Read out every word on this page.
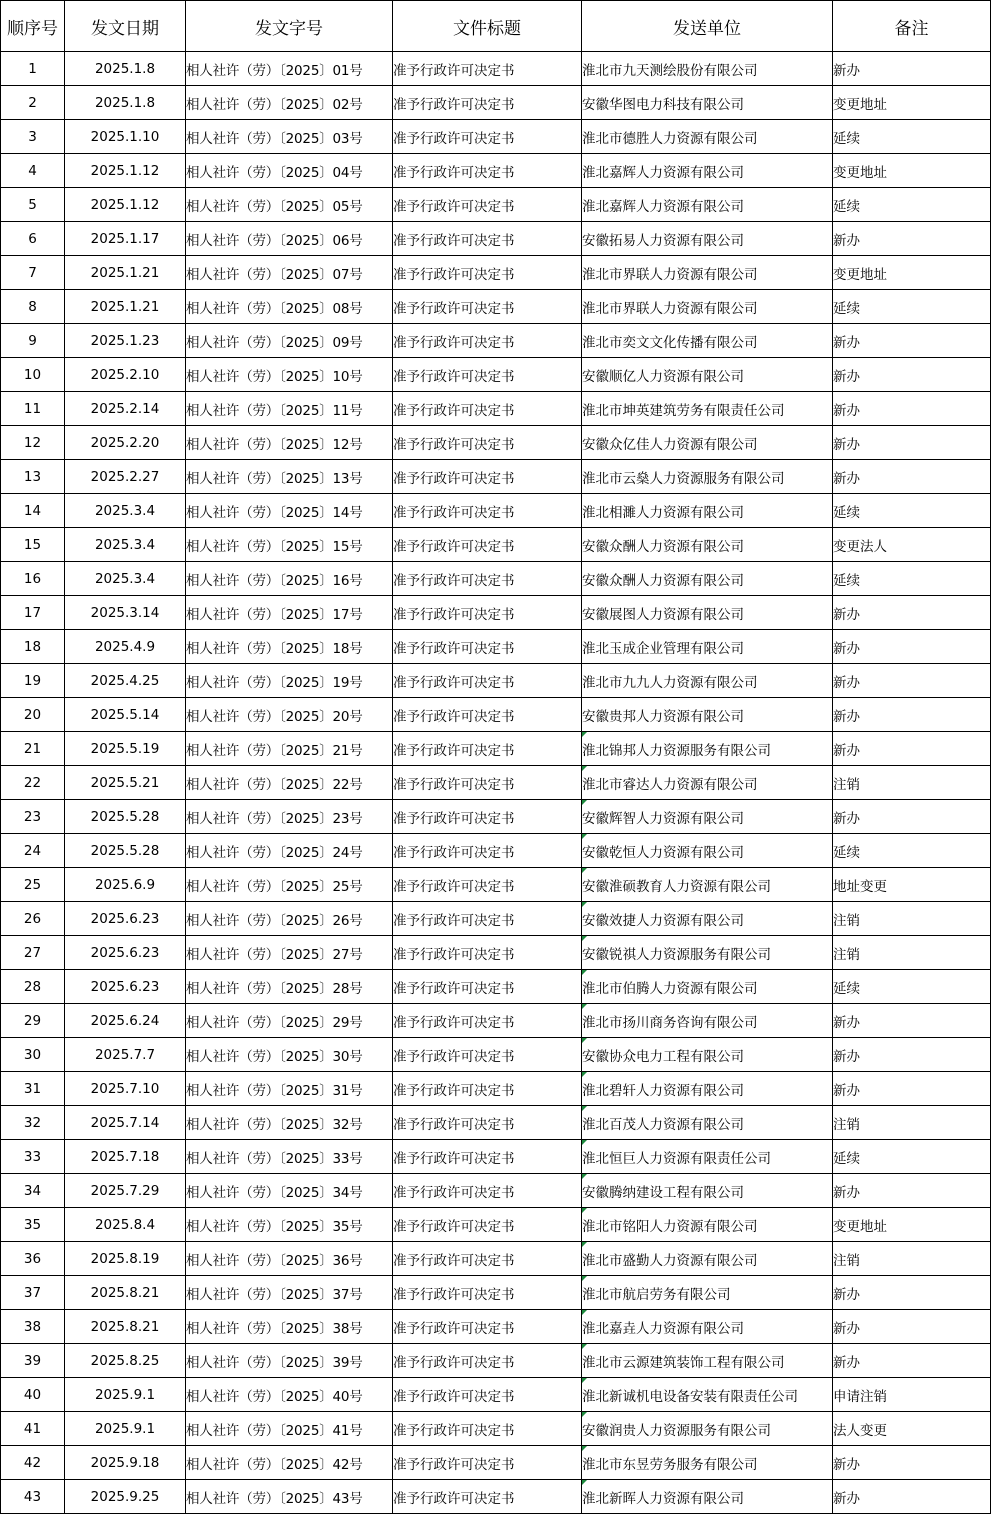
顺序号	发文日期	发文字号	文件标题	发送单位	备注
1	2025.1.8	相人社许（劳）〔2025〕01号	准予行政许可决定书	淮北市九天测绘股份有限公司	新办
2	2025.1.8	相人社许（劳）〔2025〕02号	准予行政许可决定书	安徽华图电力科技有限公司	变更地址
3	2025.1.10	相人社许（劳）〔2025〕03号	准予行政许可决定书	淮北市德胜人力资源有限公司	延续
4	2025.1.12	相人社许（劳）〔2025〕04号	准予行政许可决定书	淮北嘉辉人力资源有限公司	变更地址
5	2025.1.12	相人社许（劳）〔2025〕05号	准予行政许可决定书	淮北嘉辉人力资源有限公司	延续
6	2025.1.17	相人社许（劳）〔2025〕06号	准予行政许可决定书	安徽拓易人力资源有限公司	新办
7	2025.1.21	相人社许（劳）〔2025〕07号	准予行政许可决定书	淮北市界联人力资源有限公司	变更地址
8	2025.1.21	相人社许（劳）〔2025〕08号	准予行政许可决定书	淮北市界联人力资源有限公司	延续
9	2025.1.23	相人社许（劳）〔2025〕09号	准予行政许可决定书	淮北市奕文文化传播有限公司	新办
10	2025.2.10	相人社许（劳）〔2025〕10号	准予行政许可决定书	安徽顺亿人力资源有限公司	新办
11	2025.2.14	相人社许（劳）〔2025〕11号	准予行政许可决定书	淮北市坤英建筑劳务有限责任公司	新办
12	2025.2.20	相人社许（劳）〔2025〕12号	准予行政许可决定书	安徽众亿佳人力资源有限公司	新办
13	2025.2.27	相人社许（劳）〔2025〕13号	准予行政许可决定书	淮北市云燊人力资源服务有限公司	新办
14	2025.3.4	相人社许（劳）〔2025〕14号	准予行政许可决定书	淮北相濉人力资源有限公司	延续
15	2025.3.4	相人社许（劳）〔2025〕15号	准予行政许可决定书	安徽众酬人力资源有限公司	变更法人
16	2025.3.4	相人社许（劳）〔2025〕16号	准予行政许可决定书	安徽众酬人力资源有限公司	延续
17	2025.3.14	相人社许（劳）〔2025〕17号	准予行政许可决定书	安徽展图人力资源有限公司	新办
18	2025.4.9	相人社许（劳）〔2025〕18号	准予行政许可决定书	淮北玉成企业管理有限公司	新办
19	2025.4.25	相人社许（劳）〔2025〕19号	准予行政许可决定书	淮北市九九人力资源有限公司	新办
20	2025.5.14	相人社许（劳）〔2025〕20号	准予行政许可决定书	安徽贵邦人力资源有限公司	新办
21	2025.5.19	相人社许（劳）〔2025〕21号	准予行政许可决定书	淮北锦邦人力资源服务有限公司	新办
22	2025.5.21	相人社许（劳）〔2025〕22号	准予行政许可决定书	淮北市睿达人力资源有限公司	注销
23	2025.5.28	相人社许（劳）〔2025〕23号	准予行政许可决定书	安徽辉智人力资源有限公司	新办
24	2025.5.28	相人社许（劳）〔2025〕24号	准予行政许可决定书	安徽乾恒人力资源有限公司	延续
25	2025.6.9	相人社许（劳）〔2025〕25号	准予行政许可决定书	安徽淮硕教育人力资源有限公司	地址变更
26	2025.6.23	相人社许（劳）〔2025〕26号	准予行政许可决定书	安徽效捷人力资源有限公司	注销
27	2025.6.23	相人社许（劳）〔2025〕27号	准予行政许可决定书	安徽锐祺人力资源服务有限公司	注销
28	2025.6.23	相人社许（劳）〔2025〕28号	准予行政许可决定书	淮北市伯腾人力资源有限公司	延续
29	2025.6.24	相人社许（劳）〔2025〕29号	准予行政许可决定书	淮北市扬川商务咨询有限公司	新办
30	2025.7.7	相人社许（劳）〔2025〕30号	准予行政许可决定书	安徽协众电力工程有限公司	新办
31	2025.7.10	相人社许（劳）〔2025〕31号	准予行政许可决定书	淮北碧轩人力资源有限公司	新办
32	2025.7.14	相人社许（劳）〔2025〕32号	准予行政许可决定书	淮北百茂人力资源有限公司	注销
33	2025.7.18	相人社许（劳）〔2025〕33号	准予行政许可决定书	淮北恒巨人力资源有限责任公司	延续
34	2025.7.29	相人社许（劳）〔2025〕34号	准予行政许可决定书	安徽腾纳建设工程有限公司	新办
35	2025.8.4	相人社许（劳）〔2025〕35号	准予行政许可决定书	淮北市铭阳人力资源有限公司	变更地址
36	2025.8.19	相人社许（劳）〔2025〕36号	准予行政许可决定书	淮北市盛勤人力资源有限公司	注销
37	2025.8.21	相人社许（劳）〔2025〕37号	准予行政许可决定书	淮北市航启劳务有限公司	新办
38	2025.8.21	相人社许（劳）〔2025〕38号	准予行政许可决定书	淮北嘉垚人力资源有限公司	新办
39	2025.8.25	相人社许（劳）〔2025〕39号	准予行政许可决定书	淮北市云源建筑装饰工程有限公司	新办
40	2025.9.1	相人社许（劳）〔2025〕40号	准予行政许可决定书	淮北新诚机电设备安装有限责任公司	申请注销
41	2025.9.1	相人社许（劳）〔2025〕41号	准予行政许可决定书	安徽润贵人力资源服务有限公司	法人变更
42	2025.9.18	相人社许（劳）〔2025〕42号	准予行政许可决定书	淮北市东昱劳务服务有限公司	新办
43	2025.9.25	相人社许（劳）〔2025〕43号	准予行政许可决定书	淮北新晖人力资源有限公司	新办
